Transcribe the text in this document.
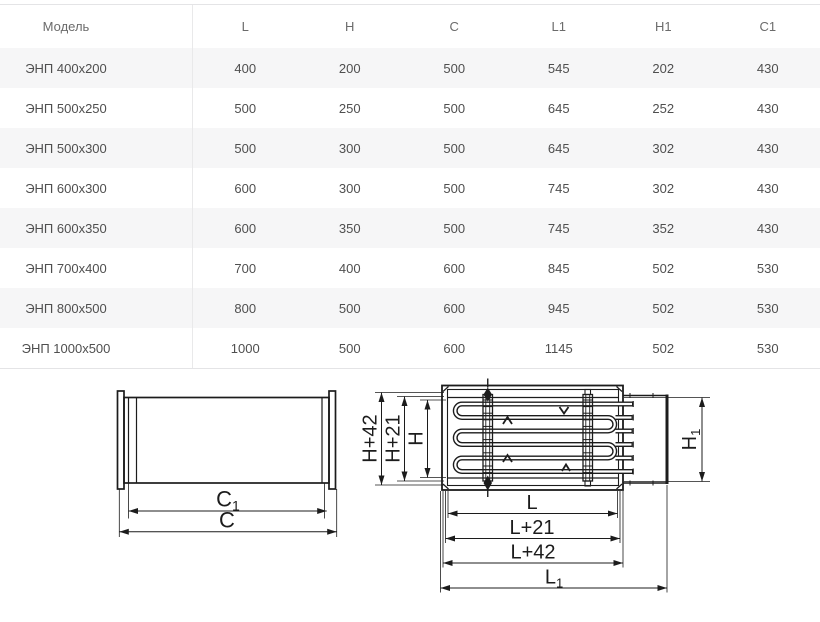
Модель	L	H	C	L1	H1	C1
ЭНП 400x200	400	200	500	545	202	430
ЭНП 500x250	500	250	500	645	252	430
ЭНП 500x300	500	300	500	645	302	430
ЭНП 600x300	600	300	500	745	302	430
ЭНП 600x350	600	350	500	745	352	430
ЭНП 700x400	700	400	600	845	502	530
ЭНП 800x500	800	500	600	945	502	530
ЭНП 1000x500	1000	500	600	1145	502	530
C1
C
H+42 H+21 H	$H_1$
L
L+21
L+42
$L_1$
